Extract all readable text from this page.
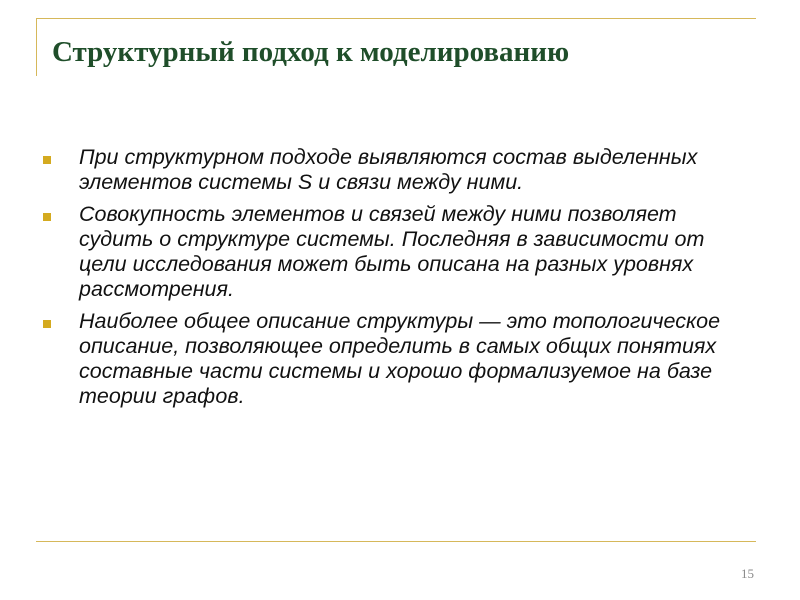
Структурный подход к моделированию
При структурном подходе выявляются состав выделенных элементов системы S и связи между ними.
Совокупность элементов и связей между ними позволяет судить о структуре системы. Последняя в зависимости от цели исследования может быть описана на разных уровнях рассмотрения.
Наиболее общее описание структуры — это топологическое описание, позволяющее определить в самых общих понятиях составные части системы и хорошо формализуемое на базе теории графов.
15
